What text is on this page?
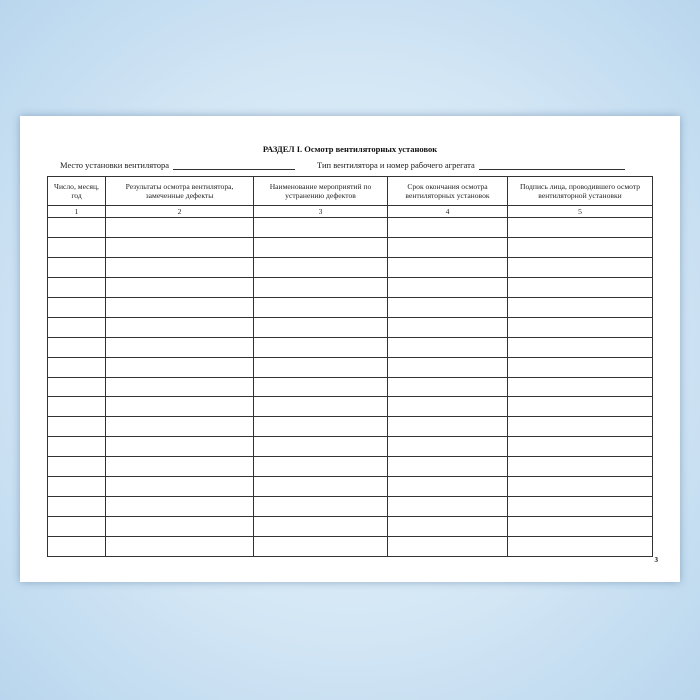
РАЗДЕЛ I. Осмотр вентиляторных установок
Место установки вентилятора	Тип вентилятора и номер рабочего агрегата
Число, месяц, год	Результаты осмотра вентилятора, замеченные дефекты	Наименование мероприятий по устранению дефектов	Срок окончания осмотра вентиляторных установок	Подпись лица, проводившего осмотр вентиляторной установки
1	2	3	4	5

3
